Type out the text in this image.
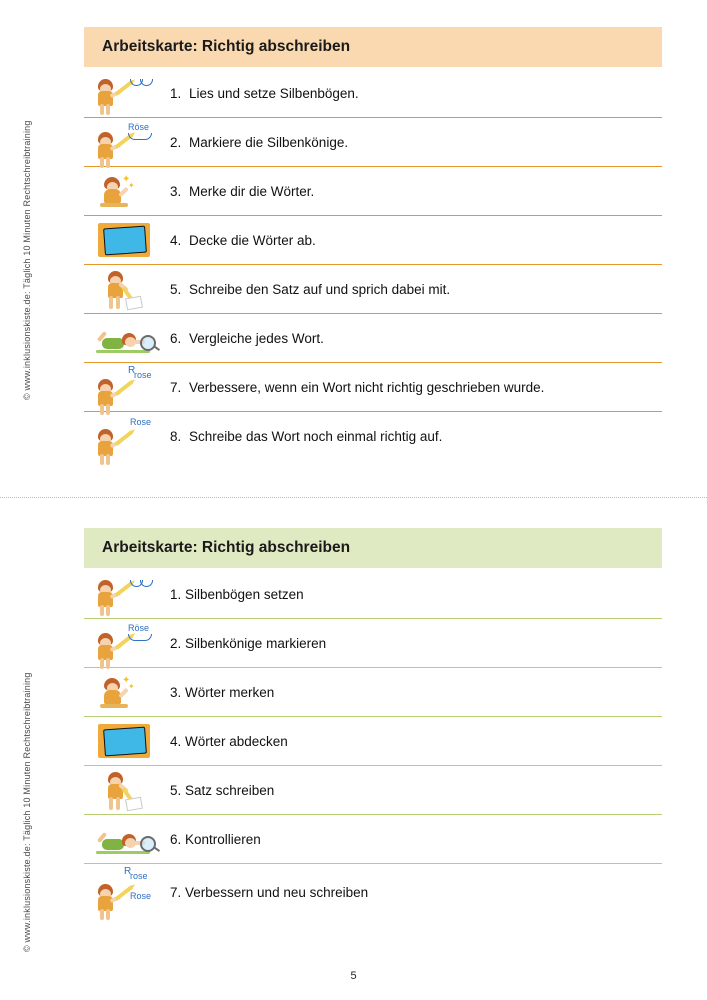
© www.inklusionskiste.de: Täglich 10 Minuten Rechtschreibtraining
© www.inklusionskiste.de: Täglich 10 Minuten Rechtschreibtraining
Arbeitskarte: Richtig abschreiben
1. Lies und setze Silbenbögen.
Röse
2. Markiere die Silbenkönige.
✦
✦	3. Merke dir die Wörter.
4. Decke die Wörter ab.
5. Schreibe den Satz auf und sprich dabei mit.
6. Vergleiche jedes Wort.
R
rose
7. Verbessere, wenn ein Wort nicht richtig geschrieben wurde.
Rose
8. Schreibe das Wort noch einmal richtig auf.
Arbeitskarte: Richtig abschreiben
1. Silbenbögen setzen
Röse
2. Silbenkönige markieren
✦
✦	3. Wörter merken
4. Wörter abdecken
5. Satz schreiben
6. Kontrollieren
R
rose
Rose 7. Verbessern und neu schreiben
5
